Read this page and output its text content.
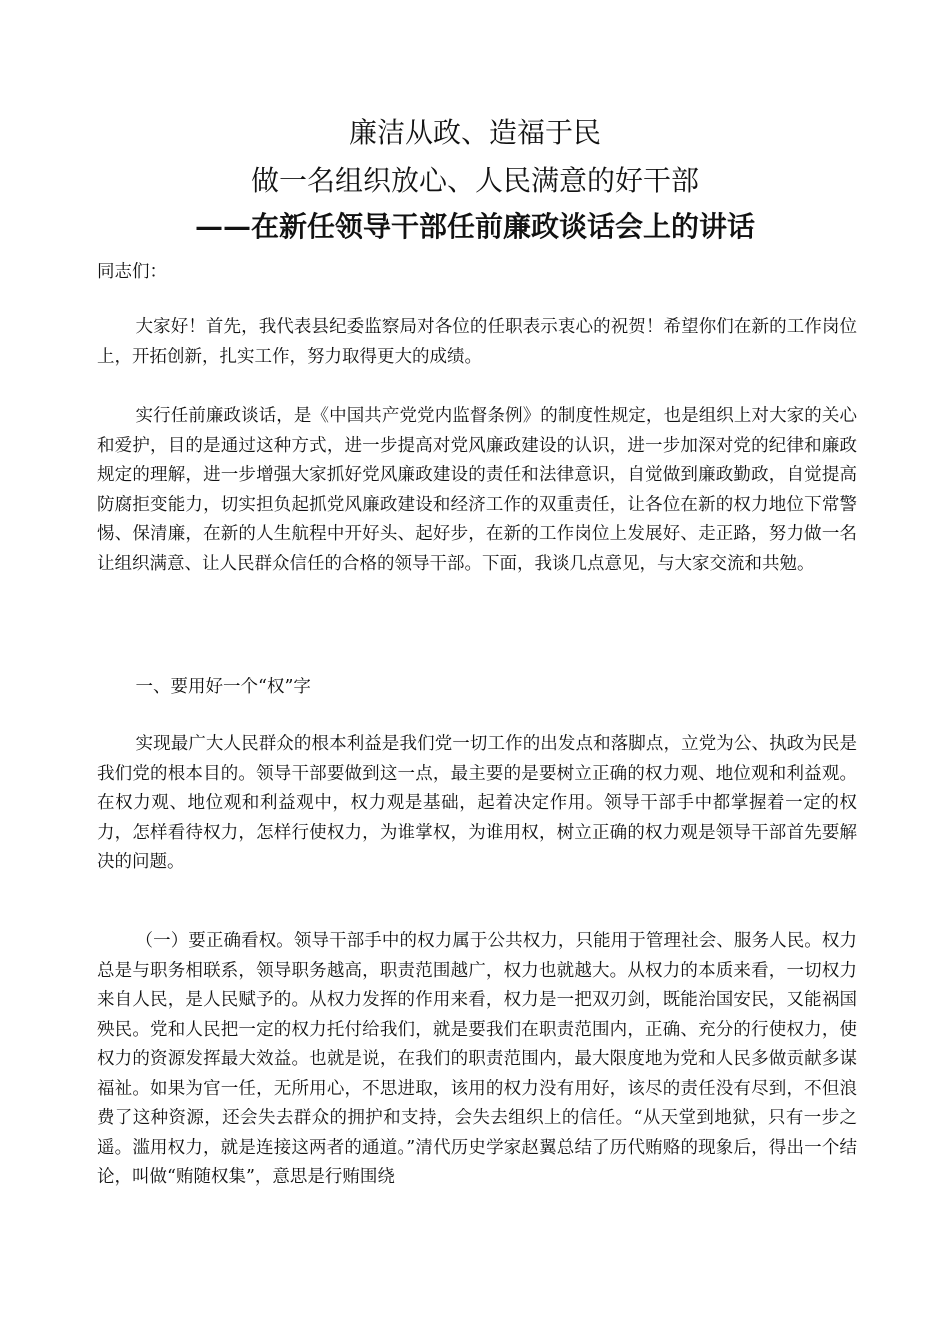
廉洁从政、造福于民
做一名组织放心、人民满意的好干部
——在新任领导干部任前廉政谈话会上的讲话

同志们：

大家好！首先，我代表县纪委监察局对各位的任职表示衷心的祝贺！希望你们在新的工作岗位上，开拓创新，扎实工作，努力取得更大的成绩。

实行任前廉政谈话，是《中国共产党党内监督条例》的制度性规定，也是组织上对大家的关心和爱护，目的是通过这种方式，进一步提高对党风廉政建设的认识，进一步加深对党的纪律和廉政规定的理解，进一步增强大家抓好党风廉政建设的责任和法律意识，自觉做到廉政勤政，自觉提高防腐拒变能力，切实担负起抓党风廉政建设和经济工作的双重责任，让各位在新的权力地位下常警惕、保清廉，在新的人生航程中开好头、起好步，在新的工作岗位上发展好、走正路，努力做一名让组织满意、让人民群众信任的合格的领导干部。下面，我谈几点意见，与大家交流和共勉。

一、要用好一个“权”字

实现最广大人民群众的根本利益是我们党一切工作的出发点和落脚点，立党为公、执政为民是我们党的根本目的。领导干部要做到这一点，最主要的是要树立正确的权力观、地位观和利益观。在权力观、地位观和利益观中，权力观是基础，起着决定作用。领导干部手中都掌握着一定的权力，怎样看待权力，怎样行使权力，为谁掌权，为谁用权，树立正确的权力观是领导干部首先要解决的问题。

（一）要正确看权。领导干部手中的权力属于公共权力，只能用于管理社会、服务人民。权力总是与职务相联系，领导职务越高，职责范围越广，权力也就越大。从权力的本质来看，一切权力来自人民，是人民赋予的。从权力发挥的作用来看，权力是一把双刃剑，既能治国安民，又能祸国殃民。党和人民把一定的权力托付给我们，就是要我们在职责范围内，正确、充分的行使权力，使权力的资源发挥最大效益。也就是说，在我们的职责范围内，最大限度地为党和人民多做贡献多谋福祉。如果为官一任，无所用心，不思进取，该用的权力没有用好，该尽的责任没有尽到，不但浪费了这种资源，还会失去群众的拥护和支持，会失去组织上的信任。“从天堂到地狱，只有一步之遥。滥用权力，就是连接这两者的通道。”清代历史学家赵翼总结了历代贿赂的现象后，得出一个结论，叫做“贿随权集”，意思是行贿围绕
